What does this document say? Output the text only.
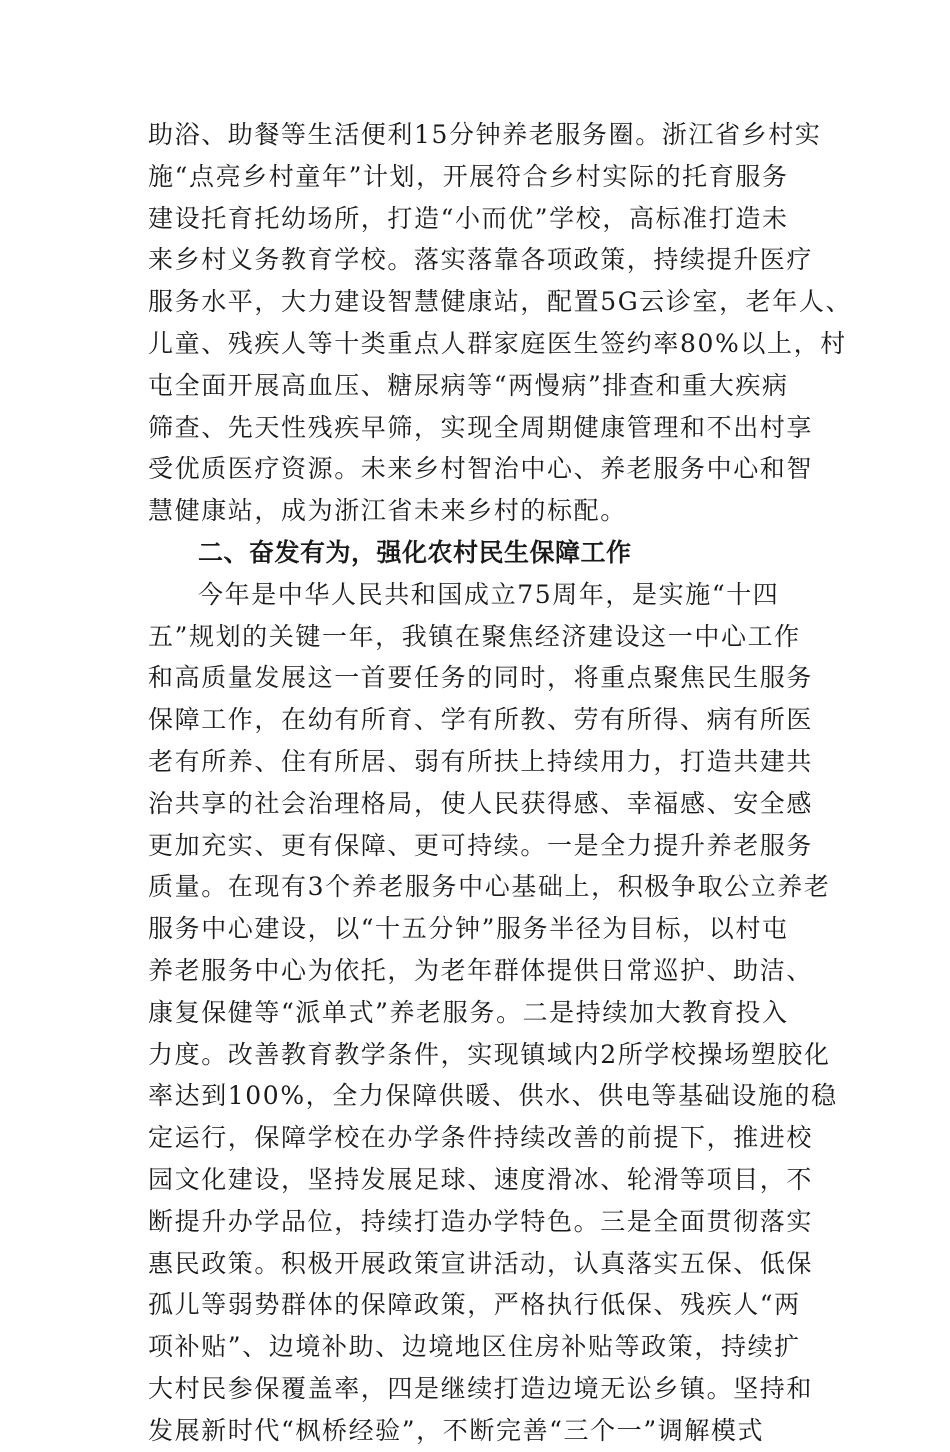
助浴、助餐等生活便利15分钟养老服务圈。浙江省乡村实
施“点亮乡村童年”计划，开展符合乡村实际的托育服务
建设托育托幼场所，打造“小而优”学校，高标准打造未
来乡村义务教育学校。落实落靠各项政策，持续提升医疗
服务水平，大力建设智慧健康站，配置5G云诊室，老年人、
儿童、残疾人等十类重点人群家庭医生签约率80%以上，村
屯全面开展高血压、糖尿病等“两慢病”排查和重大疾病
筛查、先天性残疾早筛，实现全周期健康管理和不出村享
受优质医疗资源。未来乡村智治中心、养老服务中心和智
慧健康站，成为浙江省未来乡村的标配。
二、奋发有为，强化农村民生保障工作
今年是中华人民共和国成立75周年，是实施“十四
五”规划的关键一年，我镇在聚焦经济建设这一中心工作
和高质量发展这一首要任务的同时，将重点聚焦民生服务
保障工作，在幼有所育、学有所教、劳有所得、病有所医
老有所养、住有所居、弱有所扶上持续用力，打造共建共
治共享的社会治理格局，使人民获得感、幸福感、安全感
更加充实、更有保障、更可持续。一是全力提升养老服务
质量。在现有3个养老服务中心基础上，积极争取公立养老
服务中心建设，以“十五分钟”服务半径为目标，以村屯
养老服务中心为依托，为老年群体提供日常巡护、助洁、
康复保健等“派单式”养老服务。二是持续加大教育投入
力度。改善教育教学条件，实现镇域内2所学校操场塑胶化
率达到100%，全力保障供暖、供水、供电等基础设施的稳
定运行，保障学校在办学条件持续改善的前提下，推进校
园文化建设，坚持发展足球、速度滑冰、轮滑等项目，不
断提升办学品位，持续打造办学特色。三是全面贯彻落实
惠民政策。积极开展政策宣讲活动，认真落实五保、低保
孤儿等弱势群体的保障政策，严格执行低保、残疾人“两
项补贴”、边境补助、边境地区住房补贴等政策，持续扩
大村民参保覆盖率，四是继续打造边境无讼乡镇。坚持和
发展新时代“枫桥经验”，不断完善“三个一”调解模式
